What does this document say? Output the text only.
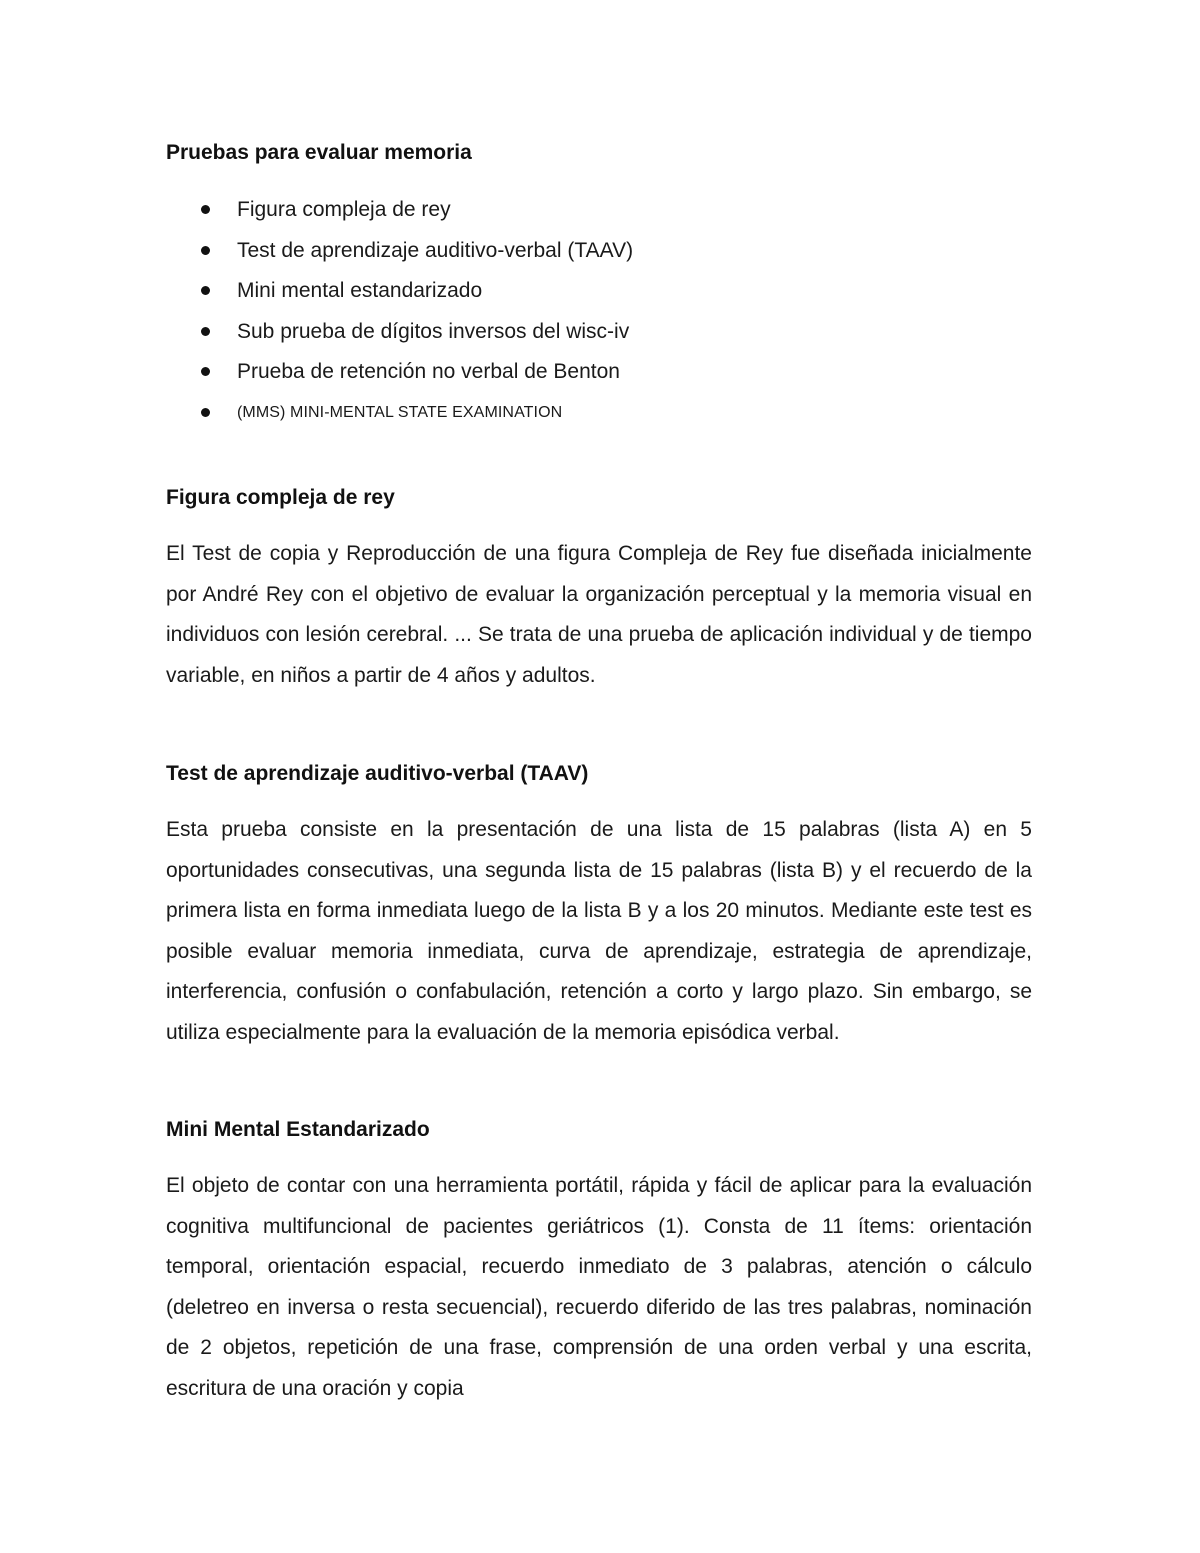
Pruebas para evaluar memoria
Figura compleja de rey
Test de aprendizaje auditivo-verbal (TAAV)
Mini mental estandarizado
Sub prueba de dígitos inversos del wisc-iv
Prueba de retención no verbal de Benton
(MMS) MINI-MENTAL STATE EXAMINATION
Figura compleja de rey

El Test de copia y Reproducción de una figura Compleja de Rey fue diseñada inicialmente por André Rey con el objetivo de evaluar la organización perceptual y la memoria visual en individuos con lesión cerebral. ... Se trata de una prueba de aplicación individual y de tiempo variable, en niños a partir de 4 años y adultos.

Test de aprendizaje auditivo-verbal (TAAV)

Esta prueba consiste en la presentación de una lista de 15 palabras (lista A) en 5 oportunidades consecutivas, una segunda lista de 15 palabras (lista B) y el recuerdo de la primera lista en forma inmediata luego de la lista B y a los 20 minutos. Mediante este test es posible evaluar memoria inmediata, curva de aprendizaje, estrategia de aprendizaje, interferencia, confusión o confabulación, retención a corto y largo plazo. Sin embargo, se utiliza especialmente para la evaluación de la memoria episódica verbal.

Mini Mental Estandarizado

El objeto de contar con una herramienta portátil, rápida y fácil de aplicar para la evaluación cognitiva multifuncional de pacientes geriátricos (1). Consta de 11 ítems: orientación temporal, orientación espacial, recuerdo inmediato de 3 palabras, atención o cálculo (deletreo en inversa o resta secuencial), recuerdo diferido de las tres palabras, nominación de 2 objetos, repetición de una frase, comprensión de una orden verbal y una escrita, escritura de una oración y copia
